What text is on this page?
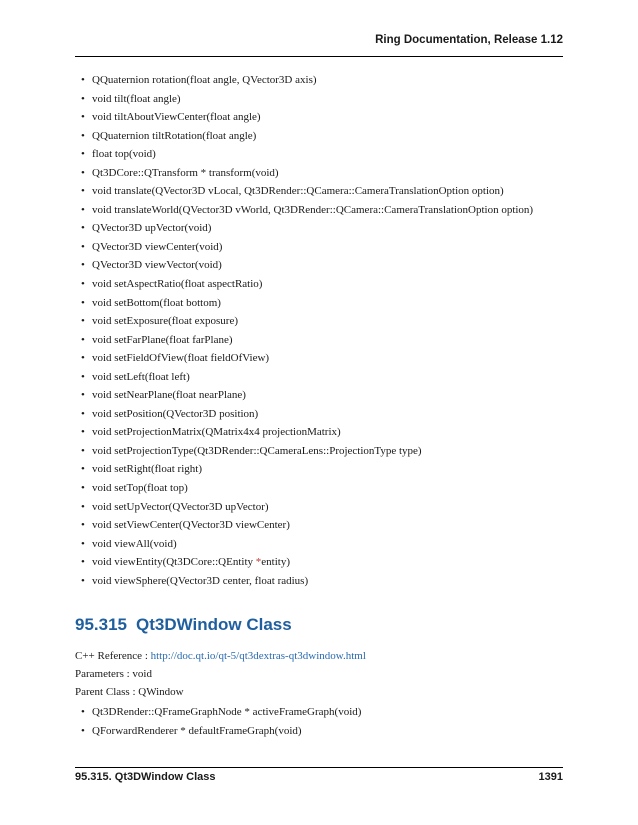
Ring Documentation, Release 1.12
• QQuaternion rotation(float angle, QVector3D axis)
• void tilt(float angle)
• void tiltAboutViewCenter(float angle)
• QQuaternion tiltRotation(float angle)
• float top(void)
• Qt3DCore::QTransform * transform(void)
• void translate(QVector3D vLocal, Qt3DRender::QCamera::CameraTranslationOption option)
• void translateWorld(QVector3D vWorld, Qt3DRender::QCamera::CameraTranslationOption option)
• QVector3D upVector(void)
• QVector3D viewCenter(void)
• QVector3D viewVector(void)
• void setAspectRatio(float aspectRatio)
• void setBottom(float bottom)
• void setExposure(float exposure)
• void setFarPlane(float farPlane)
• void setFieldOfView(float fieldOfView)
• void setLeft(float left)
• void setNearPlane(float nearPlane)
• void setPosition(QVector3D position)
• void setProjectionMatrix(QMatrix4x4 projectionMatrix)
• void setProjectionType(Qt3DRender::QCameraLens::ProjectionType type)
• void setRight(float right)
• void setTop(float top)
• void setUpVector(QVector3D upVector)
• void setViewCenter(QVector3D viewCenter)
• void viewAll(void)
• void viewEntity(Qt3DCore::QEntity *entity)
• void viewSphere(QVector3D center, float radius)
95.315 Qt3DWindow Class
C++ Reference : http://doc.qt.io/qt-5/qt3dextras-qt3dwindow.html
Parameters : void
Parent Class : QWindow
• Qt3DRender::QFrameGraphNode * activeFrameGraph(void)
• QForwardRenderer * defaultFrameGraph(void)
95.315. Qt3DWindow Class	1391
